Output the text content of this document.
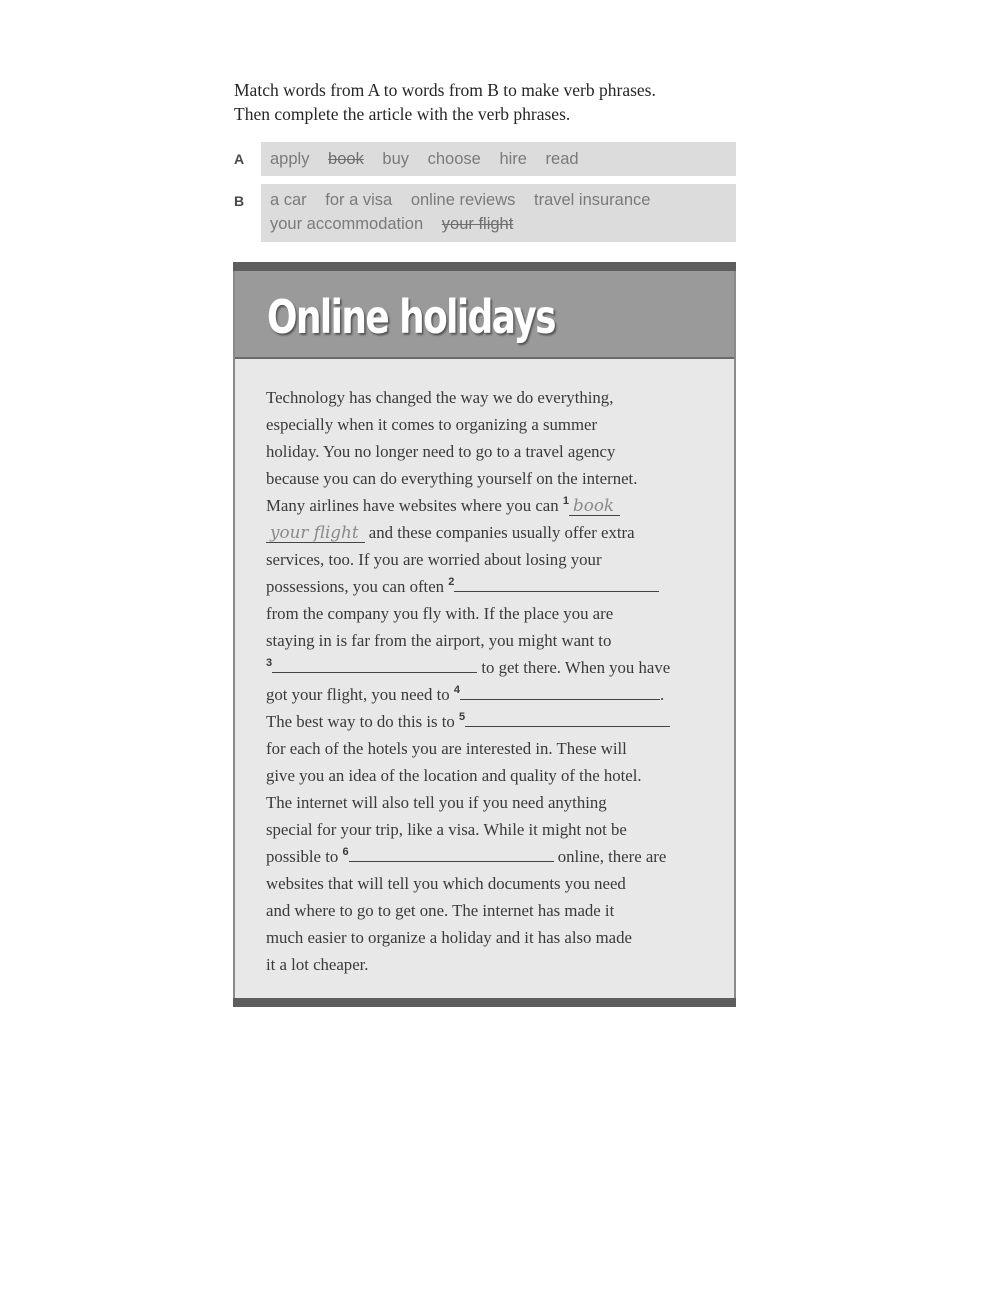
Match words from A to words from B to make verb phrases.
Then complete the article with the verb phrases.
A	apply book buy choose hire read
B	a car for a visa online reviews travel insurance
your accommodation your flight
Online holidays
Technology has changed the way we do everything,
especially when it comes to organizing a summer
holiday. You no longer need to go to a travel agency
because you can do everything yourself on the internet.
Many airlines have websites where you can $^1$ book
your flight and these companies usually offer extra
services, too. If you are worried about losing your
possessions, you can often $^2$
from the company you fly with. If the place you are
staying in is far from the airport, you might want to
$^3$	to get there. When you have
got your flight, you need to $^4$	.
The best way to do this is to $^5$
for each of the hotels you are interested in. These will
give you an idea of the location and quality of the hotel.
The internet will also tell you if you need anything
special for your trip, like a visa. While it might not be
possible to $^6$	online, there are
websites that will tell you which documents you need
and where to go to get one. The internet has made it
much easier to organize a holiday and it has also made
it a lot cheaper.
